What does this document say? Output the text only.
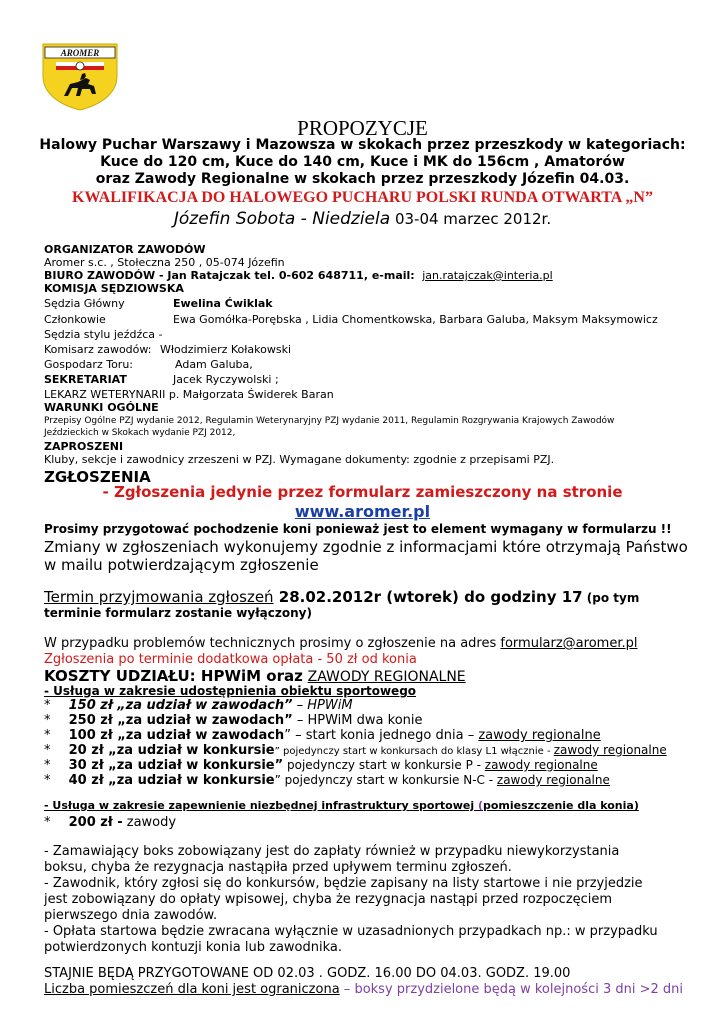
AROMER
PROPOZYCJE
Halowy Puchar Warszawy i Mazowsza w skokach przez przeszkody w kategoriach:
Kuce do 120 cm, Kuce do 140 cm, Kuce i MK do 156cm , Amatorów
oraz Zawody Regionalne w skokach przez przeszkody Józefin 04.03.
KWALIFIKACJA DO HALOWEGO PUCHARU POLSKI RUNDA OTWARTA „N”
Józefin Sobota - Niedziela 03-04 marzec 2012r.
ORGANIZATOR ZAWODÓW
Aromer s.c. , Stołeczna 250 , 05-074 Józefin
BIURO ZAWODÓW - Jan Ratajczak tel. 0-602 648711, e-mail: jan.ratajczak@interia.pl
KOMISJA SĘDZIOWSKA
Sędzia Główny	Ewelina Ćwiklak
Członkowie	Ewa Gomółka-Porębska , Lidia Chomentkowska, Barbara Galuba, Maksym Maksymowicz
Sędzia stylu jeźdźca -
Komisarz zawodów: Włodzimierz Kołakowski
Gospodarz Toru:	Adam Galuba,
SEKRETARIAT	Jacek Ryczywolski ;
LEKARZ WETERYNARII p. Małgorzata Świderek Baran
WARUNKI OGÓLNE
Przepisy Ogólne PZJ wydanie 2012, Regulamin Weterynaryjny PZJ wydanie 2011, Regulamin Rozgrywania Krajowych Zawodów
Jeździeckich w Skokach wydanie PZJ 2012,
ZAPROSZENI
Kluby, sekcje i zawodnicy zrzeszeni w PZJ. Wymagane dokumenty: zgodnie z przepisami PZJ.
ZGŁOSZENIA
- Zgłoszenia jedynie przez formularz zamieszczony na stronie
www.aromer.pl
Prosimy przygotować pochodzenie koni ponieważ jest to element wymagany w formularzu !!
Zmiany w zgłoszeniach wykonujemy zgodnie z informacjami które otrzymają Państwo
w mailu potwierdzającym zgłoszenie
Termin przyjmowania zgłoszeń 28.02.2012r (wtorek) do godziny 17 (po tym
terminie formularz zostanie wyłączony)
W przypadku problemów technicznych prosimy o zgłoszenie na adres formularz@aromer.pl
Zgłoszenia po terminie dodatkowa opłata - 50 zł od konia
KOSZTY UDZIAŁU: HPWiM oraz ZAWODY REGIONALNE
- Usługa w zakresie udostępnienia obiektu sportowego
* 150 zł „za udział w zawodach” – HPWiM
* 250 zł „za udział w zawodach” – HPWiM dwa konie
* 100 zł „za udział w zawodach” – start konia jednego dnia – zawody regionalne
* 20 zł „za udział w konkursie” pojedynczy start w konkursach do klasy L1 włącznie - zawody regionalne
* 30 zł „za udział w konkursie” pojedynczy start w konkursie P - zawody regionalne
* 40 zł „za udział w konkursie” pojedynczy start w konkursie N-C - zawody regionalne
- Usługa w zakresie zapewnienie niezbędnej infrastruktury sportowej (pomieszczenie dla konia)
* 200 zł - zawody
- Zamawiający boks zobowiązany jest do zapłaty również w przypadku niewykorzystania
boksu, chyba że rezygnacja nastąpiła przed upływem terminu zgłoszeń.
- Zawodnik, który zgłosi się do konkursów, będzie zapisany na listy startowe i nie przyjedzie
jest zobowiązany do opłaty wpisowej, chyba że rezygnacja nastąpi przed rozpoczęciem
pierwszego dnia zawodów.
- Opłata startowa będzie zwracana wyłącznie w uzasadnionych przypadkach np.: w przypadku
potwierdzonych kontuzji konia lub zawodnika.
STAJNIE BĘDĄ PRZYGOTOWANE OD 02.03 . GODZ. 16.00 DO 04.03. GODZ. 19.00
Liczba pomieszczeń dla koni jest ograniczona – boksy przydzielone będą w kolejności 3 dni >2 dni
